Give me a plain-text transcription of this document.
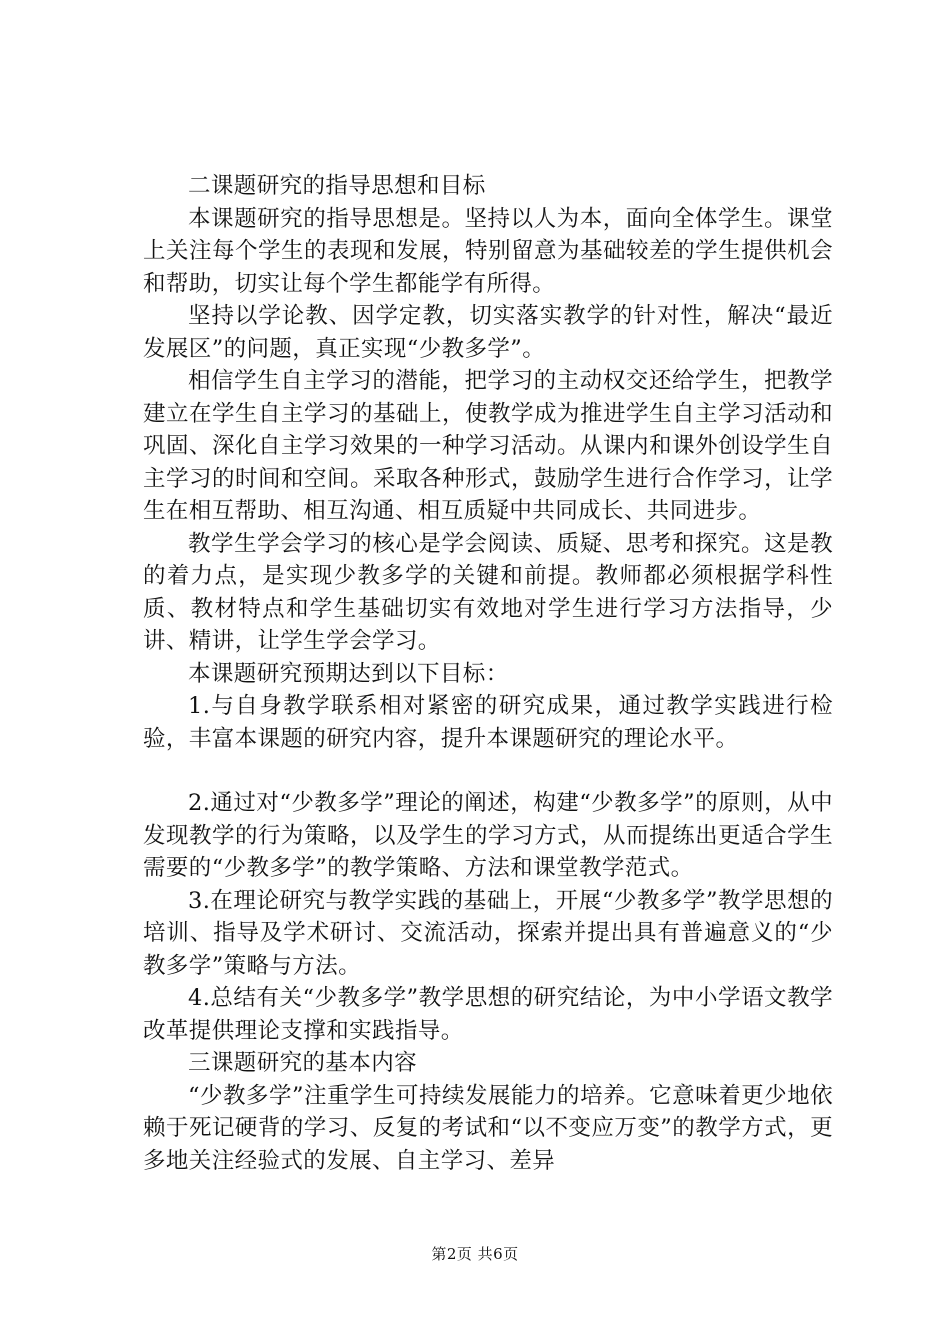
二课题研究的指导思想和目标

本课题研究的指导思想是。坚持以人为本，面向全体学生。课堂上关注每个学生的表现和发展，特别留意为基础较差的学生提供机会和帮助，切实让每个学生都能学有所得。

坚持以学论教、因学定教，切实落实教学的针对性，解决“最近发展区”的问题，真正实现“少教多学”。

相信学生自主学习的潜能，把学习的主动权交还给学生，把教学建立在学生自主学习的基础上，使教学成为推进学生自主学习活动和巩固、深化自主学习效果的一种学习活动。从课内和课外创设学生自主学习的时间和空间。采取各种形式，鼓励学生进行合作学习，让学生在相互帮助、相互沟通、相互质疑中共同成长、共同进步。

教学生学会学习的核心是学会阅读、质疑、思考和探究。这是教的着力点，是实现少教多学的关键和前提。教师都必须根据学科性质、教材特点和学生基础切实有效地对学生进行学习方法指导，少讲、精讲，让学生学会学习。

本课题研究预期达到以下目标：

1.与自身教学联系相对紧密的研究成果，通过教学实践进行检验，丰富本课题的研究内容，提升本课题研究的理论水平。

2.通过对“少教多学”理论的阐述，构建“少教多学”的原则，从中发现教学的行为策略，以及学生的学习方式，从而提练出更适合学生需要的“少教多学”的教学策略、方法和课堂教学范式。

3.在理论研究与教学实践的基础上，开展“少教多学”教学思想的培训、指导及学术研讨、交流活动，探索并提出具有普遍意义的“少教多学”策略与方法。

4.总结有关“少教多学”教学思想的研究结论，为中小学语文教学改革提供理论支撑和实践指导。

三课题研究的基本内容

“少教多学”注重学生可持续发展能力的培养。它意味着更少地依赖于死记硬背的学习、反复的考试和“以不变应万变”的教学方式，更多地关注经验式的发展、自主学习、差异

第2页 共6页
